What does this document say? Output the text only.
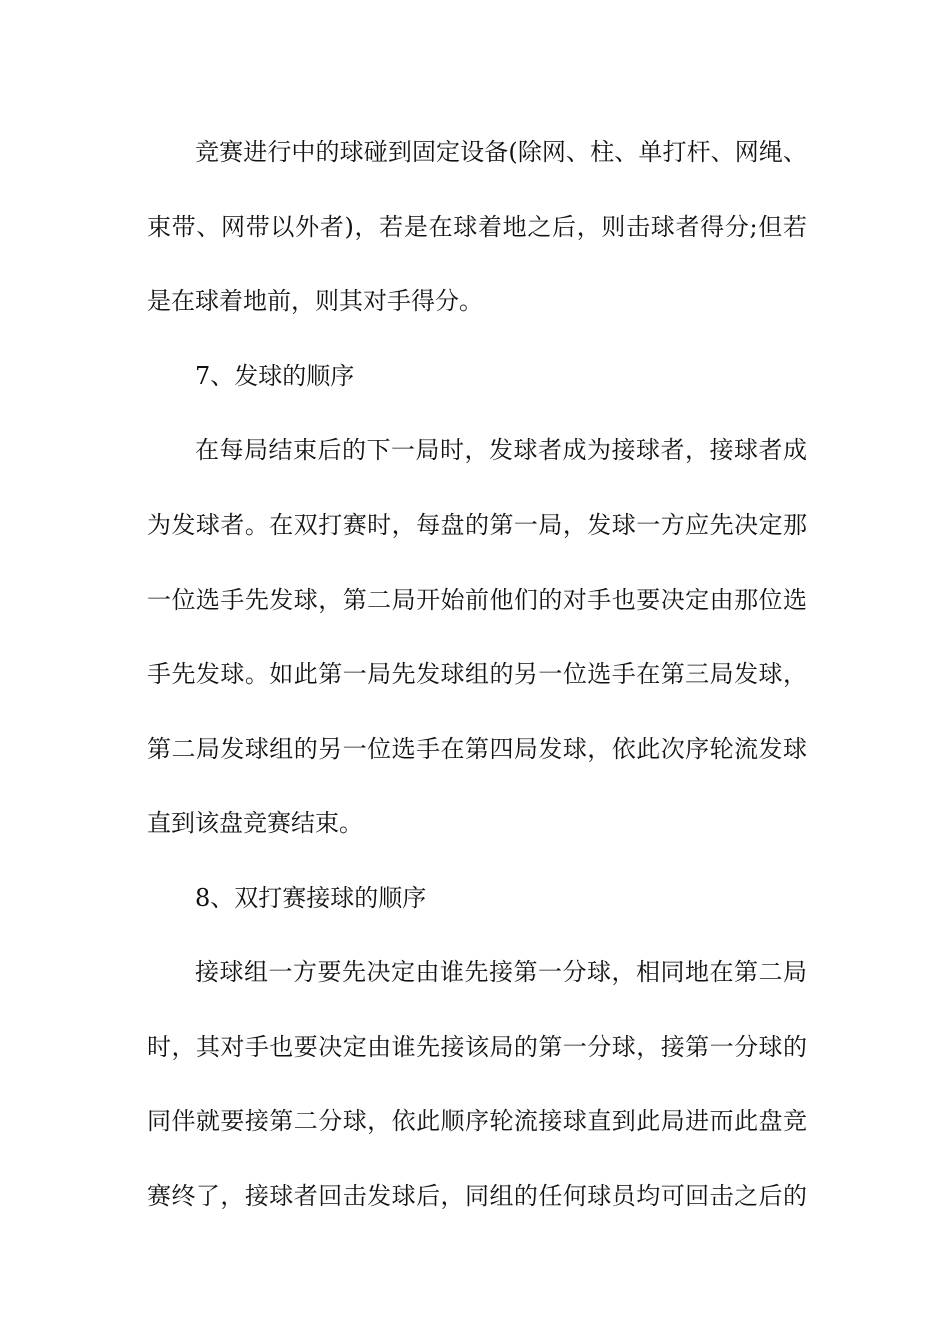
竞赛进行中的球碰到固定设备(除网、柱、单打杆、网绳、
束带、网带以外者)，若是在球着地之后，则击球者得分;但若
是在球着地前，则其对手得分。
7、发球的顺序
在每局结束后的下一局时，发球者成为接球者，接球者成
为发球者。在双打赛时，每盘的第一局，发球一方应先决定那
一位选手先发球，第二局开始前他们的对手也要决定由那位选
手先发球。如此第一局先发球组的另一位选手在第三局发球，
第二局发球组的另一位选手在第四局发球，依此次序轮流发球
直到该盘竞赛结束。
8、双打赛接球的顺序
接球组一方要先决定由谁先接第一分球，相同地在第二局
时，其对手也要决定由谁先接该局的第一分球，接第一分球的
同伴就要接第二分球，依此顺序轮流接球直到此局进而此盘竞
赛终了，接球者回击发球后，同组的任何球员均可回击之后的
